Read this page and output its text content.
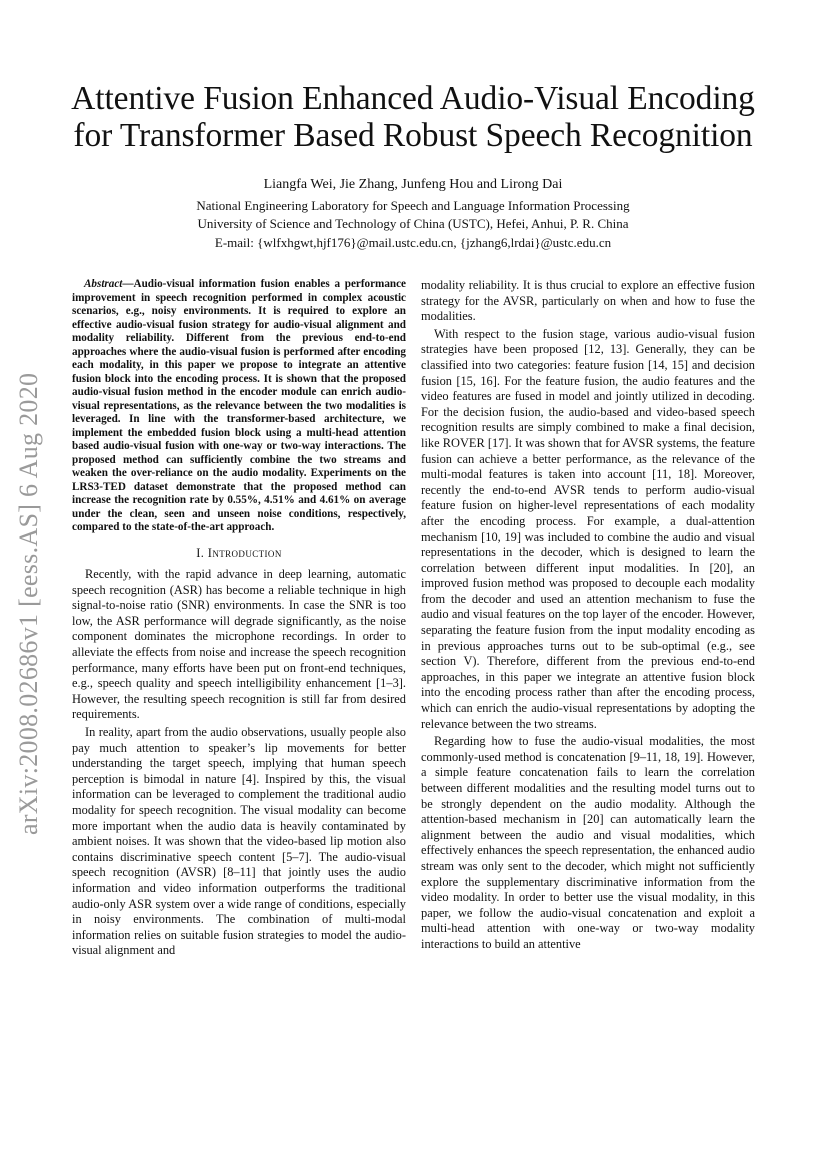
arXiv:2008.02686v1 [eess.AS] 6 Aug 2020
Attentive Fusion Enhanced Audio-Visual Encoding
for Transformer Based Robust Speech Recognition
Liangfa Wei, Jie Zhang, Junfeng Hou and Lirong Dai
National Engineering Laboratory for Speech and Language Information Processing
University of Science and Technology of China (USTC), Hefei, Anhui, P. R. China
E-mail: {wlfxhgwt,hjf176}@mail.ustc.edu.cn, {jzhang6,lrdai}@ustc.edu.cn

Abstract—Audio-visual information fusion enables a performance improvement in speech recognition performed in complex acoustic scenarios, e.g., noisy environments. It is required to explore an effective audio-visual fusion strategy for audio-visual alignment and modality reliability. Different from the previous end-to-end approaches where the audio-visual fusion is performed after encoding each modality, in this paper we propose to integrate an attentive fusion block into the encoding process. It is shown that the proposed audio-visual fusion method in the encoder module can enrich audio-visual representations, as the relevance between the two modalities is leveraged. In line with the transformer-based architecture, we implement the embedded fusion block using a multi-head attention based audio-visual fusion with one-way or two-way interactions. The proposed method can sufficiently combine the two streams and weaken the over-reliance on the audio modality. Experiments on the LRS3-TED dataset demonstrate that the proposed method can increase the recognition rate by 0.55%, 4.51% and 4.61% on average under the clean, seen and unseen noise conditions, respectively, compared to the state-of-the-art approach.

I. Introduction

Recently, with the rapid advance in deep learning, automatic speech recognition (ASR) has become a reliable technique in high signal-to-noise ratio (SNR) environments. In case the SNR is too low, the ASR performance will degrade significantly, as the noise component dominates the microphone recordings. In order to alleviate the effects from noise and increase the speech recognition performance, many efforts have been put on front-end techniques, e.g., speech quality and speech intelligibility enhancement [1–3]. However, the resulting speech recognition is still far from desired requirements.

In reality, apart from the audio observations, usually people also pay much attention to speaker’s lip movements for better understanding the target speech, implying that human speech perception is bimodal in nature [4]. Inspired by this, the visual information can be leveraged to complement the traditional audio modality for speech recognition. The visual modality can become more important when the audio data is heavily contaminated by ambient noises. It was shown that the video-based lip motion also contains discriminative speech content [5–7]. The audio-visual speech recognition (AVSR) [8–11] that jointly uses the audio information and video information outperforms the traditional audio-only ASR system over a wide range of conditions, especially in noisy environments. The combination of multi-modal information relies on suitable fusion strategies to model the audio-visual alignment and

modality reliability. It is thus crucial to explore an effective fusion strategy for the AVSR, particularly on when and how to fuse the modalities.

With respect to the fusion stage, various audio-visual fusion strategies have been proposed [12, 13]. Generally, they can be classified into two categories: feature fusion [14, 15] and decision fusion [15, 16]. For the feature fusion, the audio features and the video features are fused in model and jointly utilized in decoding. For the decision fusion, the audio-based and video-based speech recognition results are simply combined to make a final decision, like ROVER [17]. It was shown that for AVSR systems, the feature fusion can achieve a better performance, as the relevance of the multi-modal features is taken into account [11, 18]. Moreover, recently the end-to-end AVSR tends to perform audio-visual feature fusion on higher-level representations of each modality after the encoding process. For example, a dual-attention mechanism [10, 19] was included to combine the audio and visual representations in the decoder, which is designed to learn the correlation between different input modalities. In [20], an improved fusion method was proposed to decouple each modality from the decoder and used an attention mechanism to fuse the audio and visual features on the top layer of the encoder. However, separating the feature fusion from the input modality encoding as in previous approaches turns out to be sub-optimal (e.g., see section V). Therefore, different from the previous end-to-end approaches, in this paper we integrate an attentive fusion block into the encoding process rather than after the encoding process, which can enrich the audio-visual representations by adopting the relevance between the two streams.

Regarding how to fuse the audio-visual modalities, the most commonly-used method is concatenation [9–11, 18, 19]. However, a simple feature concatenation fails to learn the correlation between different modalities and the resulting model turns out to be strongly dependent on the audio modality. Although the attention-based mechanism in [20] can automatically learn the alignment between the audio and visual modalities, which effectively enhances the speech representation, the enhanced audio stream was only sent to the decoder, which might not sufficiently explore the supplementary discriminative information from the video modality. In order to better use the visual modality, in this paper, we follow the audio-visual concatenation and exploit a multi-head attention with one-way or two-way modality interactions to build an attentive
